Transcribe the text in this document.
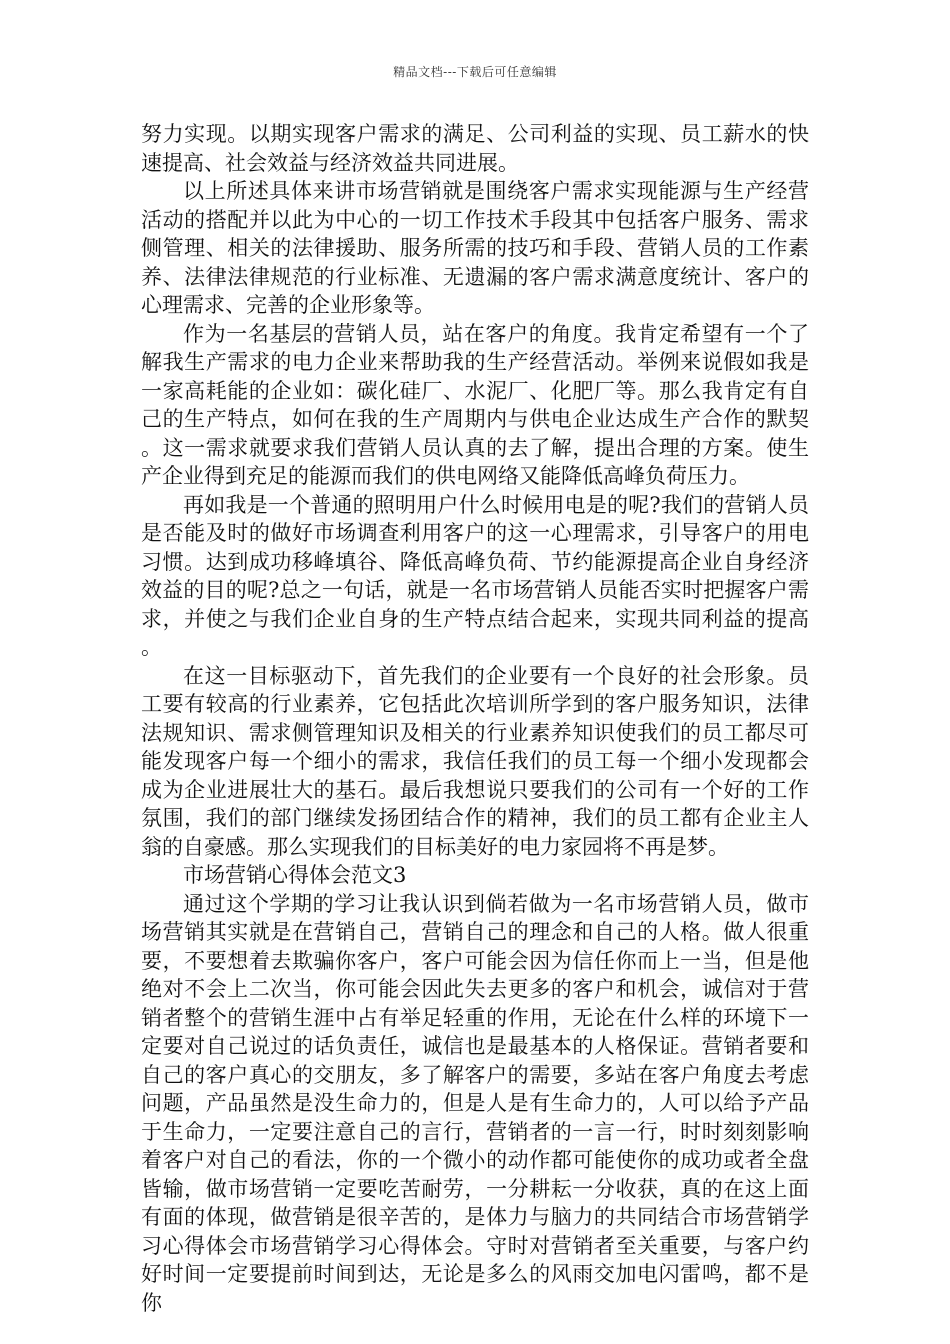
精品文档---下载后可任意编辑

努力实现。以期实现客户需求的满足、公司利益的实现、员工薪水的快速提高、社会效益与经济效益共同进展。

以上所述具体来讲市场营销就是围绕客户需求实现能源与生产经营活动的搭配并以此为中心的一切工作技术手段其中包括客户服务、需求侧管理、相关的法律援助、服务所需的技巧和手段、营销人员的工作素养、法律法律规范的行业标准、无遗漏的客户需求满意度统计、客户的心理需求、完善的企业形象等。

作为一名基层的营销人员，站在客户的角度。我肯定希望有一个了解我生产需求的电力企业来帮助我的生产经营活动。举例来说假如我是一家高耗能的企业如：碳化硅厂、水泥厂、化肥厂等。那么我肯定有自己的生产特点，如何在我的生产周期内与供电企业达成生产合作的默契。这一需求就要求我们营销人员认真的去了解，提出合理的方案。使生产企业得到充足的能源而我们的供电网络又能降低高峰负荷压力。

再如我是一个普通的照明用户什么时候用电是的呢?我们的营销人员是否能及时的做好市场调查利用客户的这一心理需求，引导客户的用电习惯。达到成功移峰填谷、降低高峰负荷、节约能源提高企业自身经济效益的目的呢?总之一句话，就是一名市场营销人员能否实时把握客户需求，并使之与我们企业自身的生产特点结合起来，实现共同利益的提高。

在这一目标驱动下，首先我们的企业要有一个良好的社会形象。员工要有较高的行业素养，它包括此次培训所学到的客户服务知识，法律法规知识、需求侧管理知识及相关的行业素养知识使我们的员工都尽可能发现客户每一个细小的需求，我信任我们的员工每一个细小发现都会成为企业进展壮大的基石。最后我想说只要我们的公司有一个好的工作氛围，我们的部门继续发扬团结合作的精神，我们的员工都有企业主人翁的自豪感。那么实现我们的目标美好的电力家园将不再是梦。

市场营销心得体会范文3

通过这个学期的学习让我认识到倘若做为一名市场营销人员，做市场营销其实就是在营销自己，营销自己的理念和自己的人格。做人很重要，不要想着去欺骗你客户，客户可能会因为信任你而上一当，但是他绝对不会上二次当，你可能会因此失去更多的客户和机会，诚信对于营销者整个的营销生涯中占有举足轻重的作用，无论在什么样的环境下一定要对自己说过的话负责任，诚信也是最基本的人格保证。营销者要和自己的客户真心的交朋友，多了解客户的需要，多站在客户角度去考虑问题，产品虽然是没生命力的，但是人是有生命力的，人可以给予产品于生命力，一定要注意自己的言行，营销者的一言一行，时时刻刻影响着客户对自己的看法，你的一个微小的动作都可能使你的成功或者全盘皆输，做市场营销一定要吃苦耐劳，一分耕耘一分收获，真的在这上面有面的体现，做营销是很辛苦的，是体力与脑力的共同结合市场营销学习心得体会市场营销学习心得体会。守时对营销者至关重要，与客户约好时间一定要提前时间到达，无论是多么的风雨交加电闪雷鸣，都不是你
